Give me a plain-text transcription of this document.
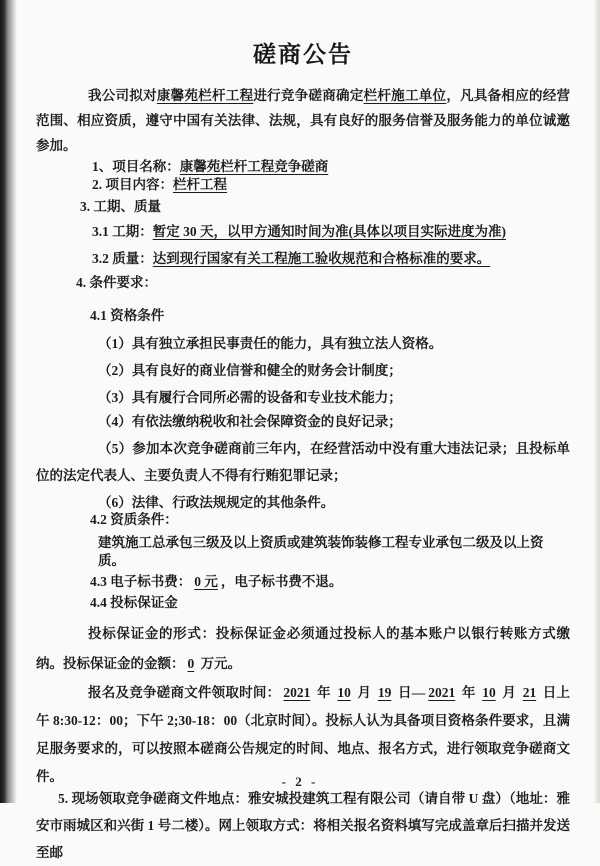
磋商公告

我公司拟对康馨苑栏杆工程进行竞争磋商确定栏杆施工单位，凡具备相应的经营范围、相应资质，遵守中国有关法律、法规，具有良好的服务信誉及服务能力的单位诚邀参加。

1、项目名称：康馨苑栏杆工程竞争磋商

2. 项目内容：栏杆工程

3. 工期、质量

3.1 工期：暂定 30 天，以甲方通知时间为准(具体以项目实际进度为准)

3.2 质量：达到现行国家有关工程施工验收规范和合格标准的要求。

4. 条件要求：

4.1 资格条件

（1）具有独立承担民事责任的能力，具有独立法人资格。

（2）具有良好的商业信誉和健全的财务会计制度；

（3）具有履行合同所必需的设备和专业技术能力；

（4）有依法缴纳税收和社会保障资金的良好记录；

（5）参加本次竞争磋商前三年内，在经营活动中没有重大违法记录；且投标单位的法定代表人、主要负责人不得有行贿犯罪记录；

（6）法律、行政法规规定的其他条件。

4.2 资质条件：

建筑施工总承包三级及以上资质或建筑装饰装修工程专业承包二级及以上资质。

4.3 电子标书费： 0 元 ，电子标书费不退。

4.4 投标保证金

投标保证金的形式：投标保证金必须通过投标人的基本账户以银行转账方式缴纳。投标保证金的金额： 0 万元。

报名及竞争磋商文件领取时间： 2021 年 10 月 19 日— 2021 年 10 月 21 日上午 8:30-12：00；下午 2;30-18：00（北京时间）。投标人认为具备项目资格条件要求，且满足服务要求的，可以按照本磋商公告规定的时间、地点、报名方式，进行领取竞争磋商文件。

5. 现场领取竞争磋商文件地点：雅安城投建筑工程有限公司（请自带 U 盘）（地址：雅安市雨城区和兴街 1 号二楼）。网上领取方式：将相关报名资料填写完成盖章后扫描并发送至邮

- 2 -
